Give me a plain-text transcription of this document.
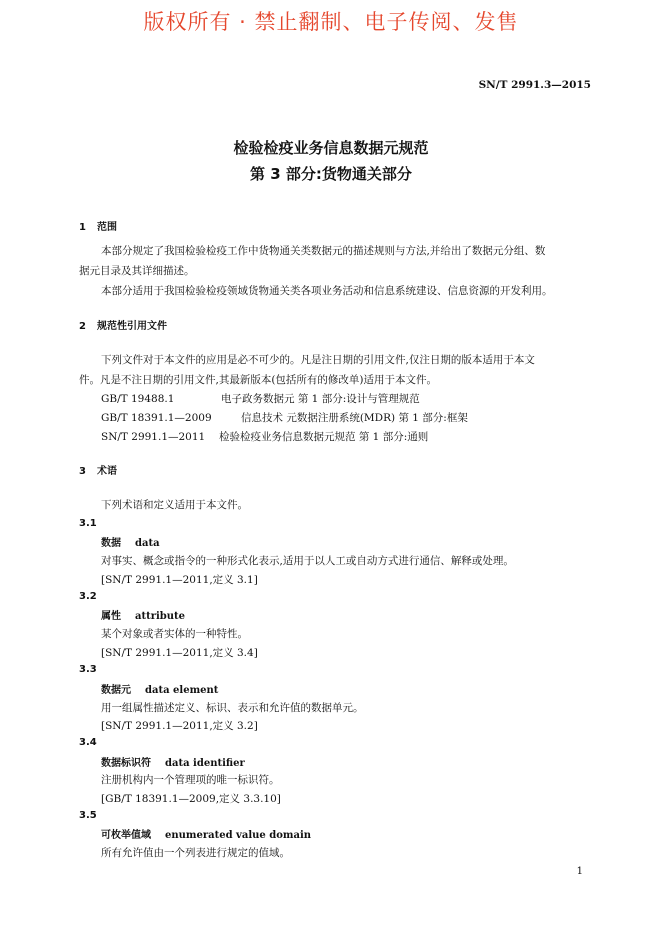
版权所有 · 禁止翻制、电子传阅、发售
SN/T 2991.3—2015
检验检疫业务信息数据元规范
第 3 部分:货物通关部分
1 范围
本部分规定了我国检验检疫工作中货物通关类数据元的描述规则与方法,并给出了数据元分组、数
据元目录及其详细描述。
本部分适用于我国检验检疫领域货物通关类各项业务活动和信息系统建设、信息资源的开发利用。
2 规范性引用文件
下列文件对于本文件的应用是必不可少的。凡是注日期的引用文件,仅注日期的版本适用于本文
件。凡是不注日期的引用文件,其最新版本(包括所有的修改单)适用于本文件。
GB/T 19488.1	电子政务数据元 第 1 部分:设计与管理规范
GB/T 18391.1—2009	信息技术 元数据注册系统(MDR) 第 1 部分:框架
SN/T 2991.1—2011 检验检疫业务信息数据元规范 第 1 部分:通则
3 术语
下列术语和定义适用于本文件。
3.1
数据 data
对事实、概念或指令的一种形式化表示,适用于以人工或自动方式进行通信、解释或处理。
[SN/T 2991.1—2011,定义 3.1]
3.2
属性 attribute
某个对象或者实体的一种特性。
[SN/T 2991.1—2011,定义 3.4]
3.3
数据元 data element
用一组属性描述定义、标识、表示和允许值的数据单元。
[SN/T 2991.1—2011,定义 3.2]
3.4
数据标识符 data identifier
注册机构内一个管理项的唯一标识符。
[GB/T 18391.1—2009,定义 3.3.10]
3.5
可枚举值域 enumerated value domain
所有允许值由一个列表进行规定的值域。
1
